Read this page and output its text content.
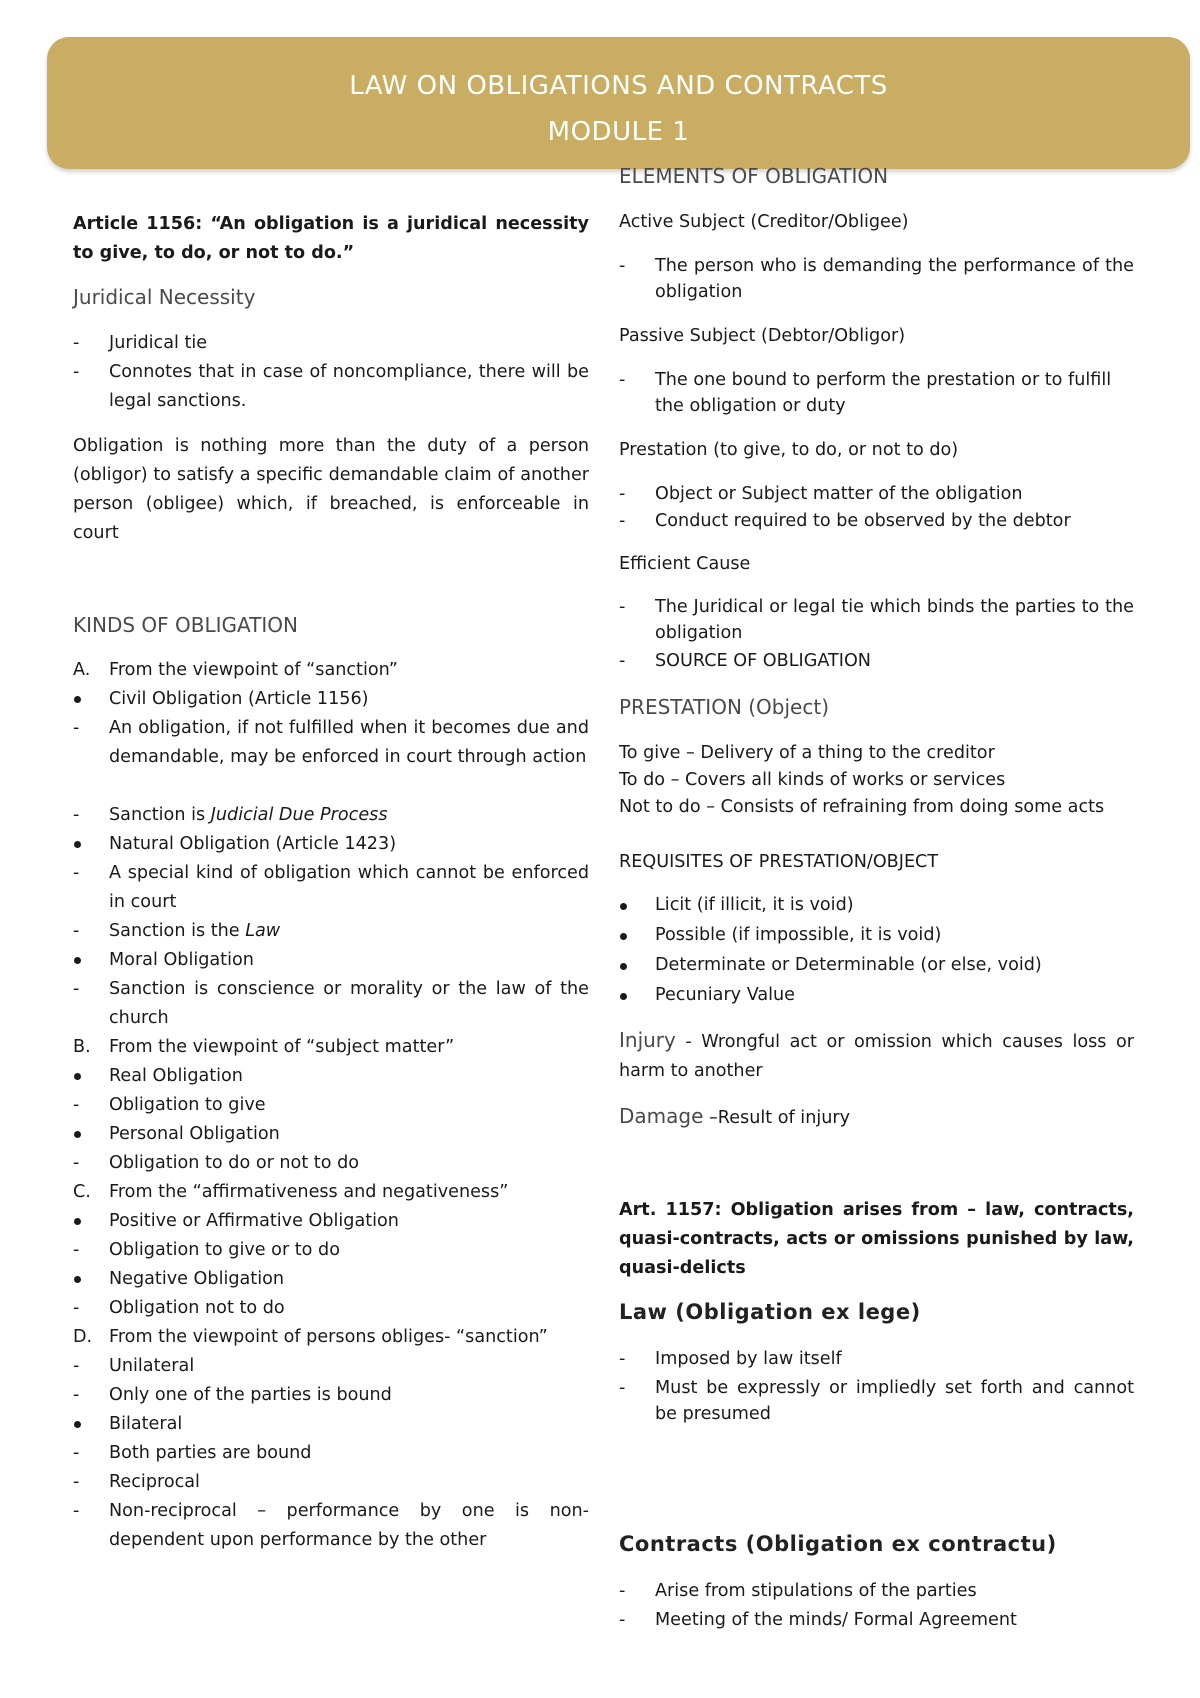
LAW ON OBLIGATIONS AND CONTRACTS
MODULE 1
Article 1156: “An obligation is a juridical necessity to give, to do, or not to do.”
Juridical Necessity
-	Juridical tie
-	Connotes that in case of noncompliance, there will be legal sanctions.
Obligation is nothing more than the duty of a person (obligor) to satisfy a specific demandable claim of another person (obligee) which, if breached, is enforceable in court
KINDS OF OBLIGATION
A.	From the viewpoint of “sanction”
Civil Obligation (Article 1156)
-	An obligation, if not fulfilled when it becomes due and demandable, may be enforced in court through action
-	Sanction is Judicial Due Process
Natural Obligation (Article 1423)
-	A special kind of obligation which cannot be enforced in court
-	Sanction is the Law
Moral Obligation
-	Sanction is conscience or morality or the law of the church
B.	From the viewpoint of “subject matter”
Real Obligation
-	Obligation to give
Personal Obligation
-	Obligation to do or not to do
C.	From the “affirmativeness and negativeness”
Positive or Affirmative Obligation
-	Obligation to give or to do
Negative Obligation
-	Obligation not to do
D. From the viewpoint of persons obliges- “sanction”
-	Unilateral
-	Only one of the parties is bound
Bilateral
-	Both parties are bound
-	Reciprocal
-	Non-reciprocal – performance by one is non-dependent upon performance by the other
ELEMENTS OF OBLIGATION
Active Subject (Creditor/Obligee)
-	The person who is demanding the performance of the obligation
Passive Subject (Debtor/Obligor)
-	The one bound to perform the prestation or to fulfill the obligation or duty
Prestation (to give, to do, or not to do)
-	Object or Subject matter of the obligation
-	Conduct required to be observed by the debtor
Efficient Cause
-	The Juridical or legal tie which binds the parties to the obligation
-	SOURCE OF OBLIGATION
PRESTATION (Object)
To give – Delivery of a thing to the creditor
To do – Covers all kinds of works or services
Not to do – Consists of refraining from doing some acts
REQUISITES OF PRESTATION/OBJECT
Licit (if illicit, it is void)
Possible (if impossible, it is void)
Determinate or Determinable (or else, void)
Pecuniary Value
Injury - Wrongful act or omission which causes loss or harm to another
Damage –Result of injury
Art. 1157: Obligation arises from – law, contracts, quasi-contracts, acts or omissions punished by law, quasi-delicts
Law (Obligation ex lege)
-	Imposed by law itself
-	Must be expressly or impliedly set forth and cannot be presumed
Contracts (Obligation ex contractu)
-	Arise from stipulations of the parties
-	Meeting of the minds/ Formal Agreement
